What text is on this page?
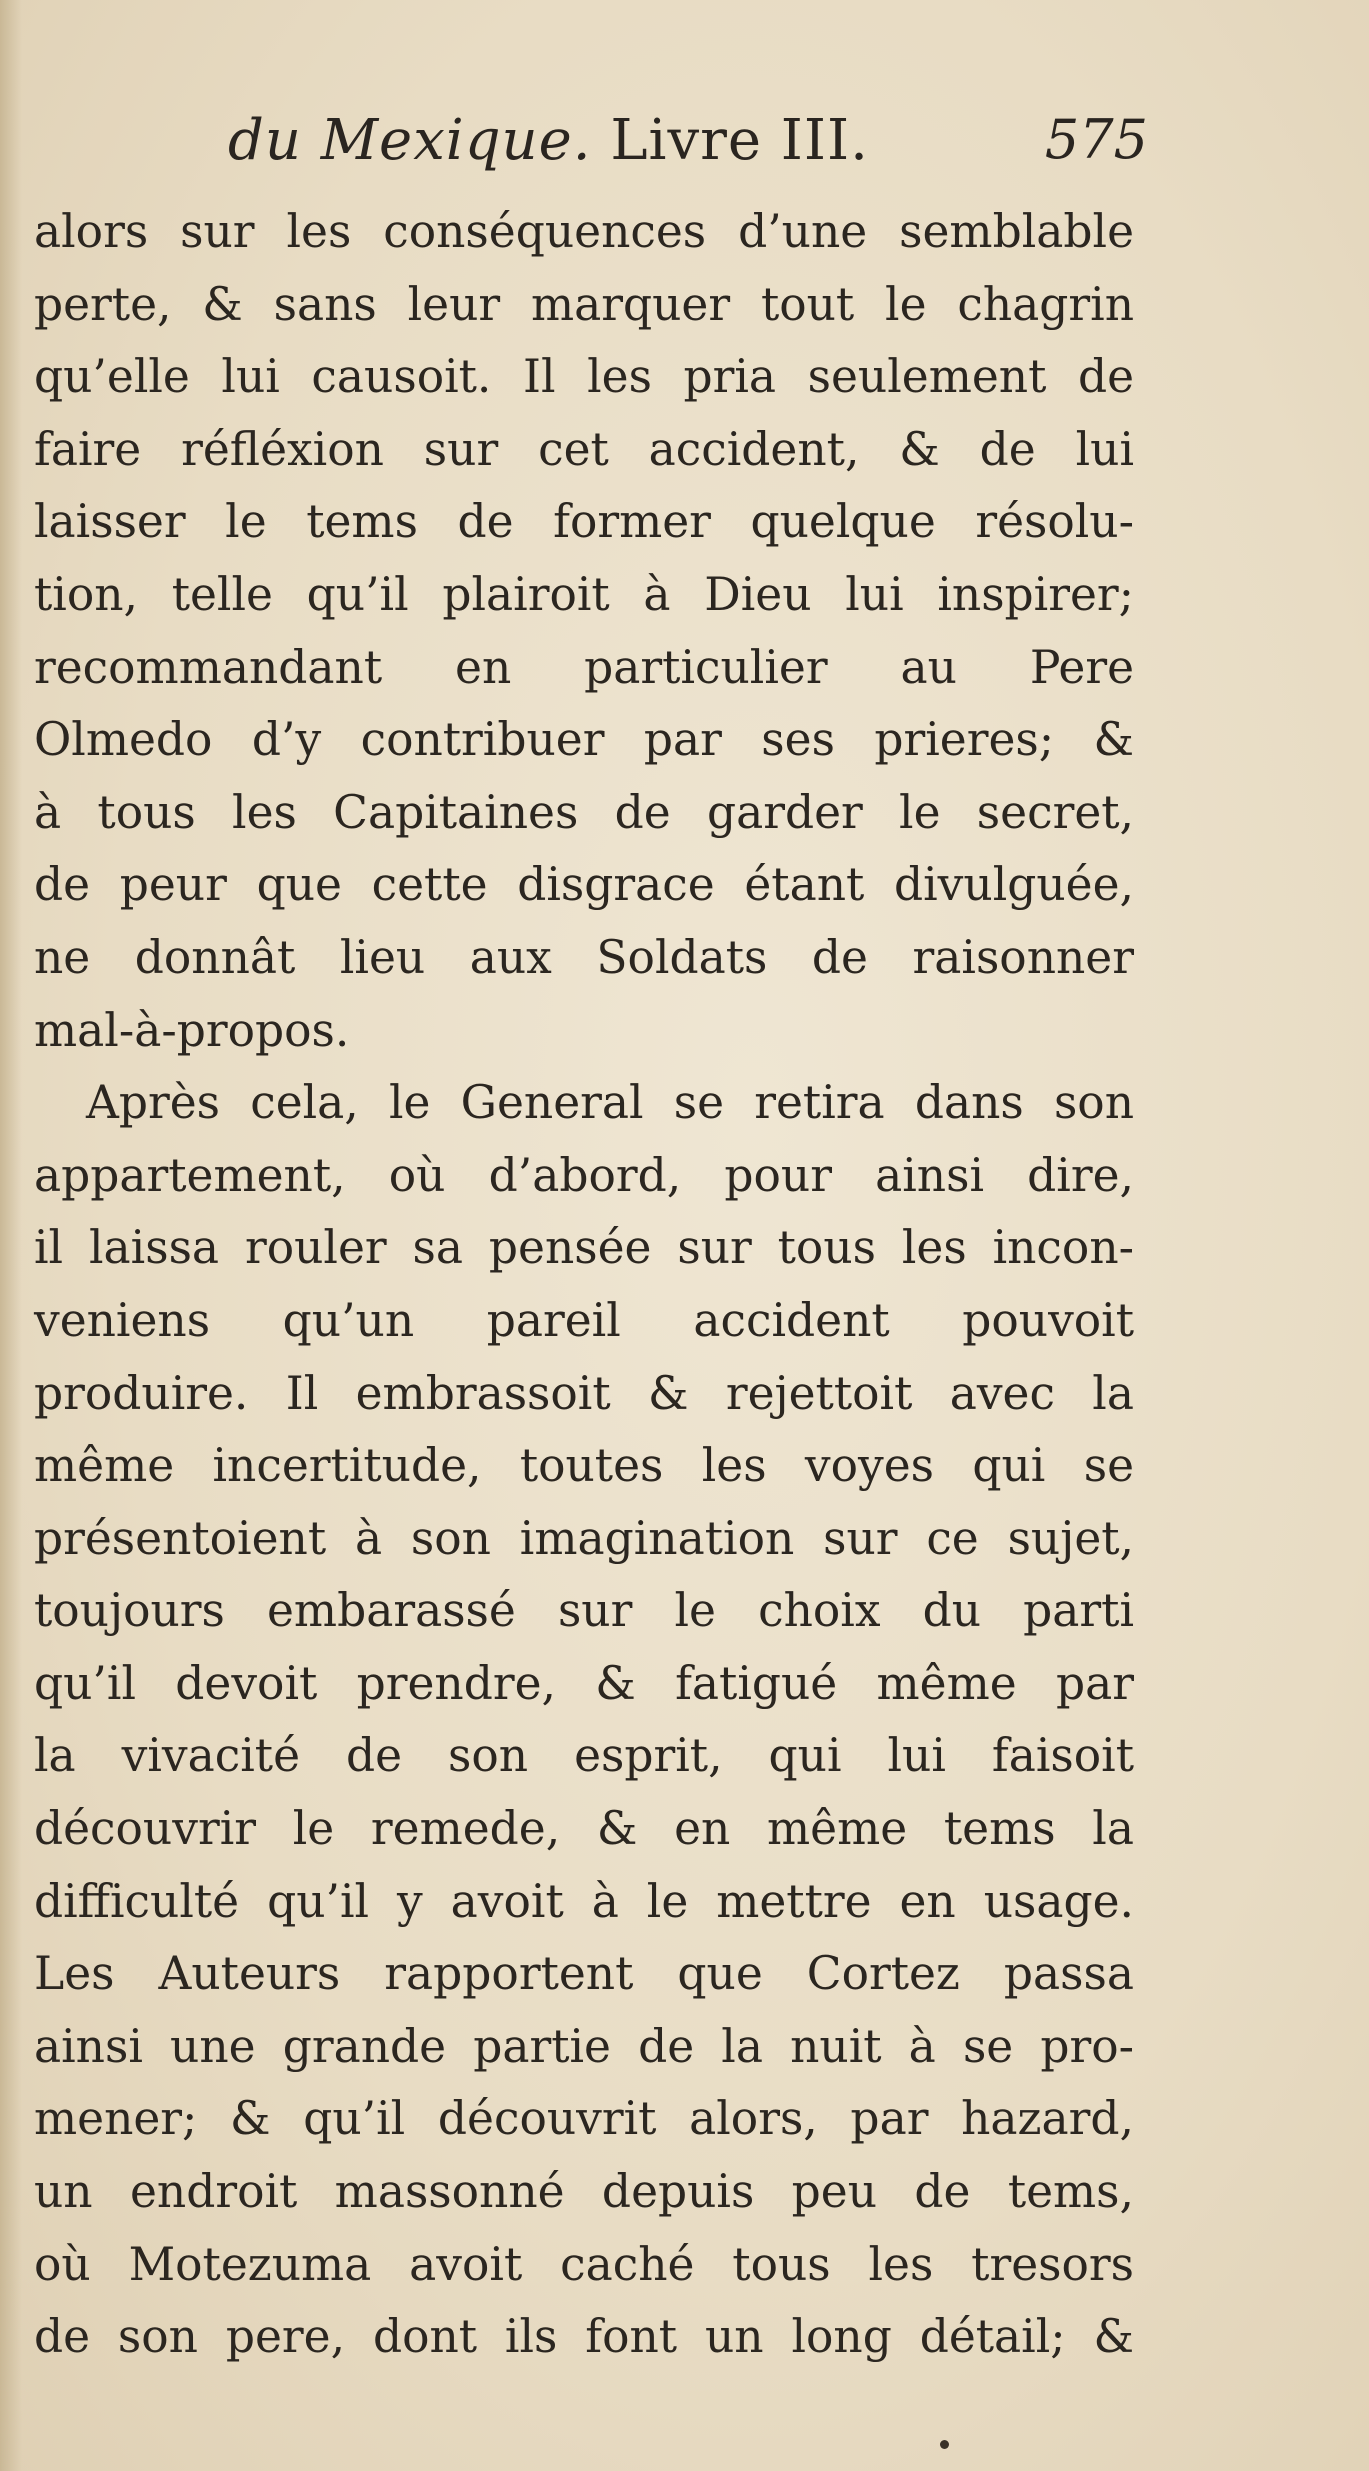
du Mexique. Livre III.	575
alors sur les conséquences d’une semblable
perte, & sans leur marquer tout le chagrin
qu’elle lui causoit. Il les pria seulement de
faire réfléxion sur cet accident, & de lui
laisser le tems de former quelque résolu-
tion, telle qu’il plairoit à Dieu lui inspirer;
recommandant en particulier au Pere
Olmedo d’y contribuer par ses prieres; &
à tous les Capitaines de garder le secret,
de peur que cette disgrace étant divulguée,
ne donnât lieu aux Soldats de raisonner
mal-à-propos.
Après cela, le General se retira dans son
appartement, où d’abord, pour ainsi dire,
il laissa rouler sa pensée sur tous les incon-
veniens qu’un pareil accident pouvoit
produire. Il embrassoit & rejettoit avec la
même incertitude, toutes les voyes qui se
présentoient à son imagination sur ce sujet,
toujours embarassé sur le choix du parti
qu’il devoit prendre, & fatigué même par
la vivacité de son esprit, qui lui faisoit
découvrir le remede, & en même tems la
difficulté qu’il y avoit à le mettre en usage.
Les Auteurs rapportent que Cortez passa
ainsi une grande partie de la nuit à se pro-
mener; & qu’il découvrit alors, par hazard,
un endroit massonné depuis peu de tems,
où Motezuma avoit caché tous les tresors
de son pere, dont ils font un long détail; &
